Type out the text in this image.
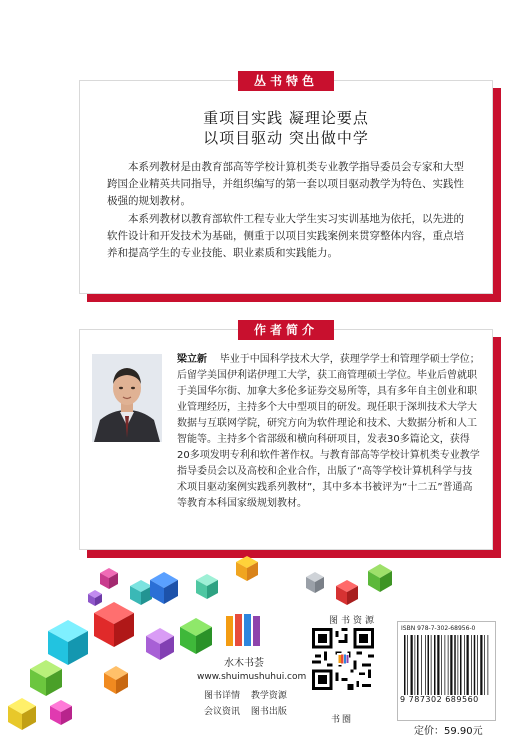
丛书特色
重项目实践 凝理论要点
以项目驱动 突出做中学

本系列教材是由教育部高等学校计算机类专业教学指导委员会专家和大型跨国企业精英共同指导，并组织编写的第一套以项目驱动教学为特色、实践性极强的规划教材。

本系列教材以教育部软件工程专业大学生实习实训基地为依托，以先进的软件设计和开发技术为基础，侧重于以项目实践案例来贯穿整体内容，重点培养和提高学生的专业技能、职业素质和实践能力。

作者简介

梁立新 毕业于中国科学技术大学，获理学学士和管理学硕士学位；后留学美国伊利诺伊理工大学，获工商管理硕士学位。毕业后曾就职于美国华尔街、加拿大多伦多证券交易所等，具有多年自主创业和职业管理经历，主持多个大中型项目的研发。现任职于深圳技术大学大数据与互联网学院，研究方向为软件理论和技术、大数据分析和人工智能等。主持多个省部级和横向科研项目，发表30多篇论文，获得20多项发明专利和软件著作权。与教育部高等学校计算机类专业教学指导委员会以及高校和企业合作，出版了“高等学校计算机科学与技术项目驱动案例实践系列教材”，其中多本书被评为“十二五”普通高等教育本科国家级规划教材。

水木书荟
www.shuimushuhui.com
图书详情 教学资源
会议资讯 图书出版
图书资源
书圈
ISBN 978-7-302-68956-0
9 787302 689560
定价：59.90元
